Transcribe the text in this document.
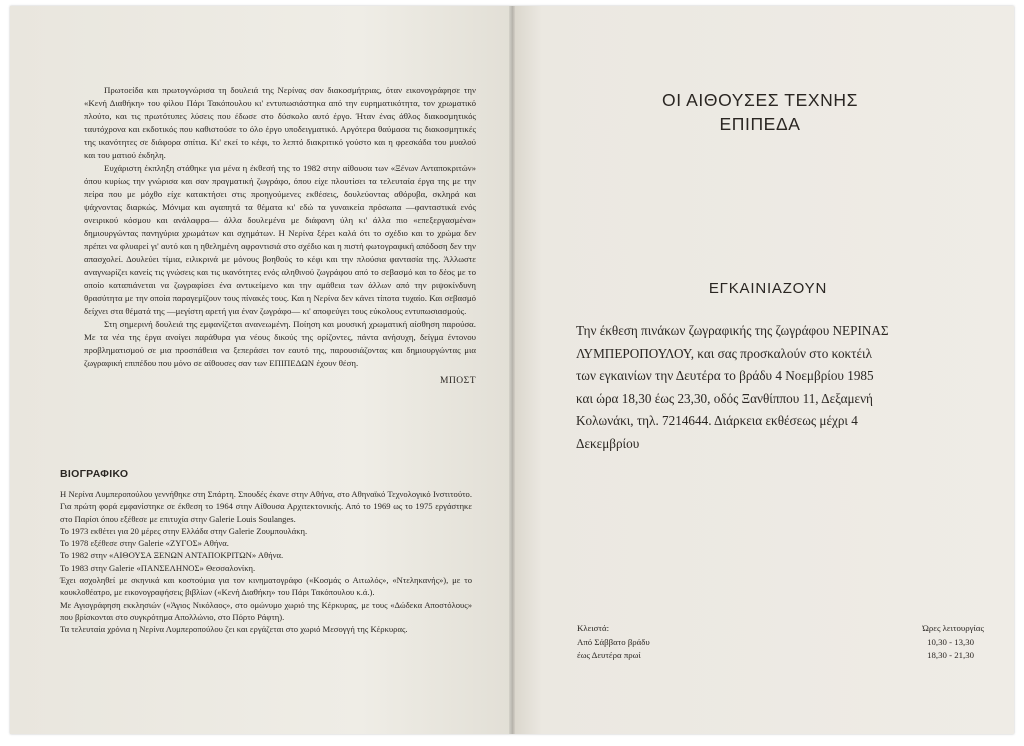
Πρωτοείδα και πρωτογνώρισα τη δουλειά της Νερίνας σαν διακοσμήτριας, όταν εικονογράφησε την «Κενή Διαθήκη» του φίλου Πάρι Τακόπουλου κι' εντυπωσιάστηκα από την ευρηματικότητα, τον χρωματικό πλούτο, και τις πρωτότυπες λύσεις που έδωσε στο δύσκολο αυτό έργο. Ήταν ένας άθλος διακοσμητικός ταυτόχρονα και εκδοτικός που καθιστούσε το όλο έργο υποδειγματικό. Αργότερα θαύμασα τις διακοσμητικές της ικανότητες σε διάφορα σπίτια. Κι' εκεί το κέφι, το λεπτό διακριτικό γούστο και η φρεσκάδα του μυαλού και του ματιού έκδηλη.

Ευχάριστη έκπληξη στάθηκε για μένα η έκθεσή της το 1982 στην αίθουσα των «Ξένων Ανταποκριτών» όπου κυρίως την γνώρισα και σαν πραγματική ζωγράφο, όπου είχε πλουτίσει τα τελευταία έργα της με την πείρα που με μόχθο είχε κατακτήσει στις προηγούμενες εκθέσεις, δουλεύοντας αθόρυβα, σκληρά και ψάχνοντας διαρκώς. Μόνιμα και αγαπητά τα θέματα κι' εδώ τα γυναικεία πρόσωπα —φανταστικά ενός ονειρικού κόσμου και ανάλαφρα— άλλα δουλεμένα με διάφανη ύλη κι' άλλα πιο «επεξεργασμένα» δημιουργώντας πανηγύρια χρωμάτων και σχημάτων. Η Νερίνα ξέρει καλά ότι το σχέδιο και το χρώμα δεν πρέπει να φλυαρεί γι' αυτό και η ηθελημένη αφροντισιά στο σχέδιο και η πιστή φωτογραφική απόδοση δεν την απασχολεί. Δουλεύει τίμια, ειλικρινά με μόνους βοηθούς το κέφι και την πλούσια φαντασία της. Άλλωστε αναγνωρίζει κανείς τις γνώσεις και τις ικανότητες ενός αληθινού ζωγράφου από το σεβασμό και το δέος με το οποίο καταπιάνεται να ζωγραφίσει ένα αντικείμενο και την αμάθεια των άλλων από την ριψοκίνδυνη θρασύτητα με την οποία παραγεμίζουν τους πίνακές τους. Και η Νερίνα δεν κάνει τίποτα τυχαίο. Και σεβασμό δείχνει στα θέματά της —μεγίστη αρετή για έναν ζωγράφο— κι' αποφεύγει τους εύκολους εντυπωσιασμούς.

Στη σημερινή δουλειά της εμφανίζεται ανανεωμένη. Ποίηση και μουσική χρωματική αίσθηση παρούσα. Με τα νέα της έργα ανοίγει παράθυρα για νέους δικούς της ορίζοντες, πάντα ανήσυχη, δείγμα έντονου προβληματισμού σε μια προσπάθεια να ξεπεράσει τον εαυτό της, παρουσιάζοντας και δημιουργώντας μια ζωγραφική επιπέδου που μόνο σε αίθουσες σαν των ΕΠΙΠΕΔΩΝ έχουν θέση.

ΜΠΟΣΤ
ΒΙΟΓΡΑΦΙΚΟ
Η Νερίνα Λυμπεροπούλου γεννήθηκε στη Σπάρτη. Σπουδές έκανε στην Αθήνα, στο Αθηναϊκό Τεχνολογικό Ινστιτούτο. Για πρώτη φορά εμφανίστηκε σε έκθεση το 1964 στην Αίθουσα Αρχιτεκτονικής. Από το 1969 ως το 1975 εργάστηκε στο Παρίσι όπου εξέθεσε με επιτυχία στην Galerie Louis Soulanges.
Το 1973 εκθέτει για 20 μέρες στην Ελλάδα στην Galerie Ζουμπουλάκη.
Το 1978 εξέθεσε στην Galerie «ΖΥΓΟΣ» Αθήνα.
Το 1982 στην «ΑΙΘΟΥΣΑ ΞΕΝΩΝ ΑΝΤΑΠΟΚΡΙΤΩΝ» Αθήνα.
Το 1983 στην Galerie «ΠΑΝΣΕΛΗΝΟΣ» Θεσσαλονίκη.
Έχει ασχοληθεί με σκηνικά και κοστούμια για τον κινηματογράφο («Κοσμάς ο Αιτωλός», «Ντεληκανής»), με το κουκλοθέατρο, με εικονογραφήσεις βιβλίων («Κενή Διαθήκη» του Πάρι Τακόπουλου κ.ά.).
Με Αγιογράφηση εκκλησιών («Άγιος Νικόλαος», στο ομώνυμο χωριό της Κέρκυρας, με τους «Δώδεκα Αποστόλους» που βρίσκονται στο συγκρότημα Απολλώνιο, στο Πόρτο Ράφτη).
Τα τελευταία χρόνια η Νερίνα Λυμπεροπούλου ζει και εργάζεται στο χωριό Μεσογγή της Κέρκυρας.
ΟΙ ΑΙΘΟΥΣΕΣ ΤΕΧΝΗΣ
ΕΠΙΠΕΔΑ
ΕΓΚΑΙΝΙΑΖΟΥΝ
Την έκθεση πινάκων ζωγραφικής της ζωγράφου ΝΕΡΙΝΑΣ
ΛΥΜΠΕΡΟΠΟΥΛΟΥ, και σας προσκαλούν στο κοκτέιλ
των εγκαινίων την Δευτέρα το βράδυ 4 Νοεμβρίου 1985
και ώρα 18,30 έως 23,30, οδός Ξανθίππου 11, Δεξαμενή
Κολωνάκι, τηλ. 7214644. Διάρκεια εκθέσεως μέχρι 4
Δεκεμβρίου
Κλειστά:
Από Σάββατο βράδυ
έως Δευτέρα πρωί
Ώρες λειτουργίας
10,30 - 13,30
18,30 - 21,30
